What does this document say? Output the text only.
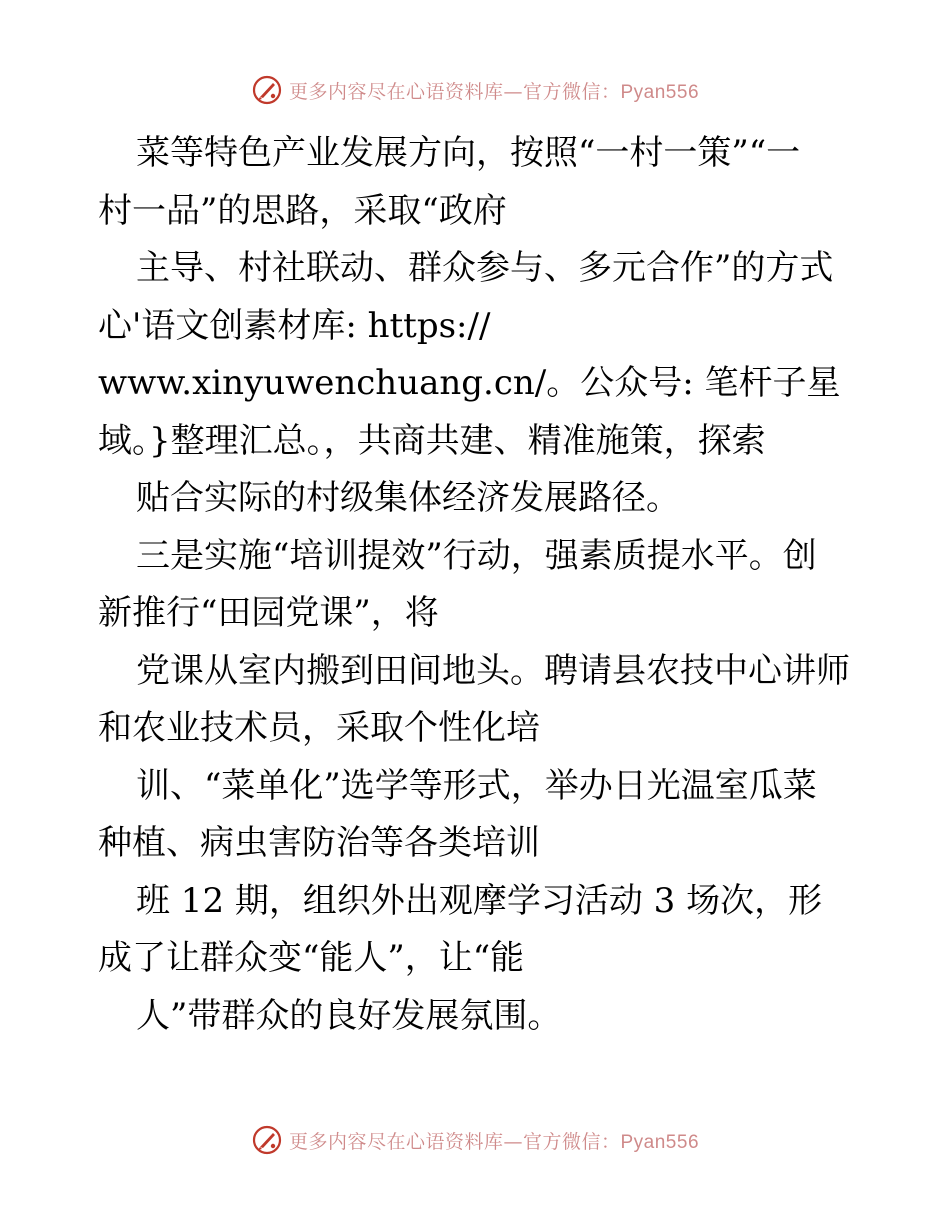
更多内容尽在心语资料库—官方微信：Pyan556
菜等特色产业发展方向，按照“一村一策”“一
村一品”的思路，采取“政府
主导、村社联动、群众参与、多元合作”的方式
心'语文创素材库: https://
www.xinyuwenchuang.cn/。公众号: 笔杆子星
域。}整理汇总。，共商共建、精准施策，探索
贴合实际的村级集体经济发展路径。
三是实施“培训提效”行动，强素质提水平。创
新推行“田园党课”，将
党课从室内搬到田间地头。聘请县农技中心讲师
和农业技术员，采取个性化培
训、“菜单化”选学等形式，举办日光温室瓜菜
种植、病虫害防治等各类培训
班 12 期，组织外出观摩学习活动 3 场次，形
成了让群众变“能人”，让“能
人”带群众的良好发展氛围。
更多内容尽在心语资料库—官方微信：Pyan556
